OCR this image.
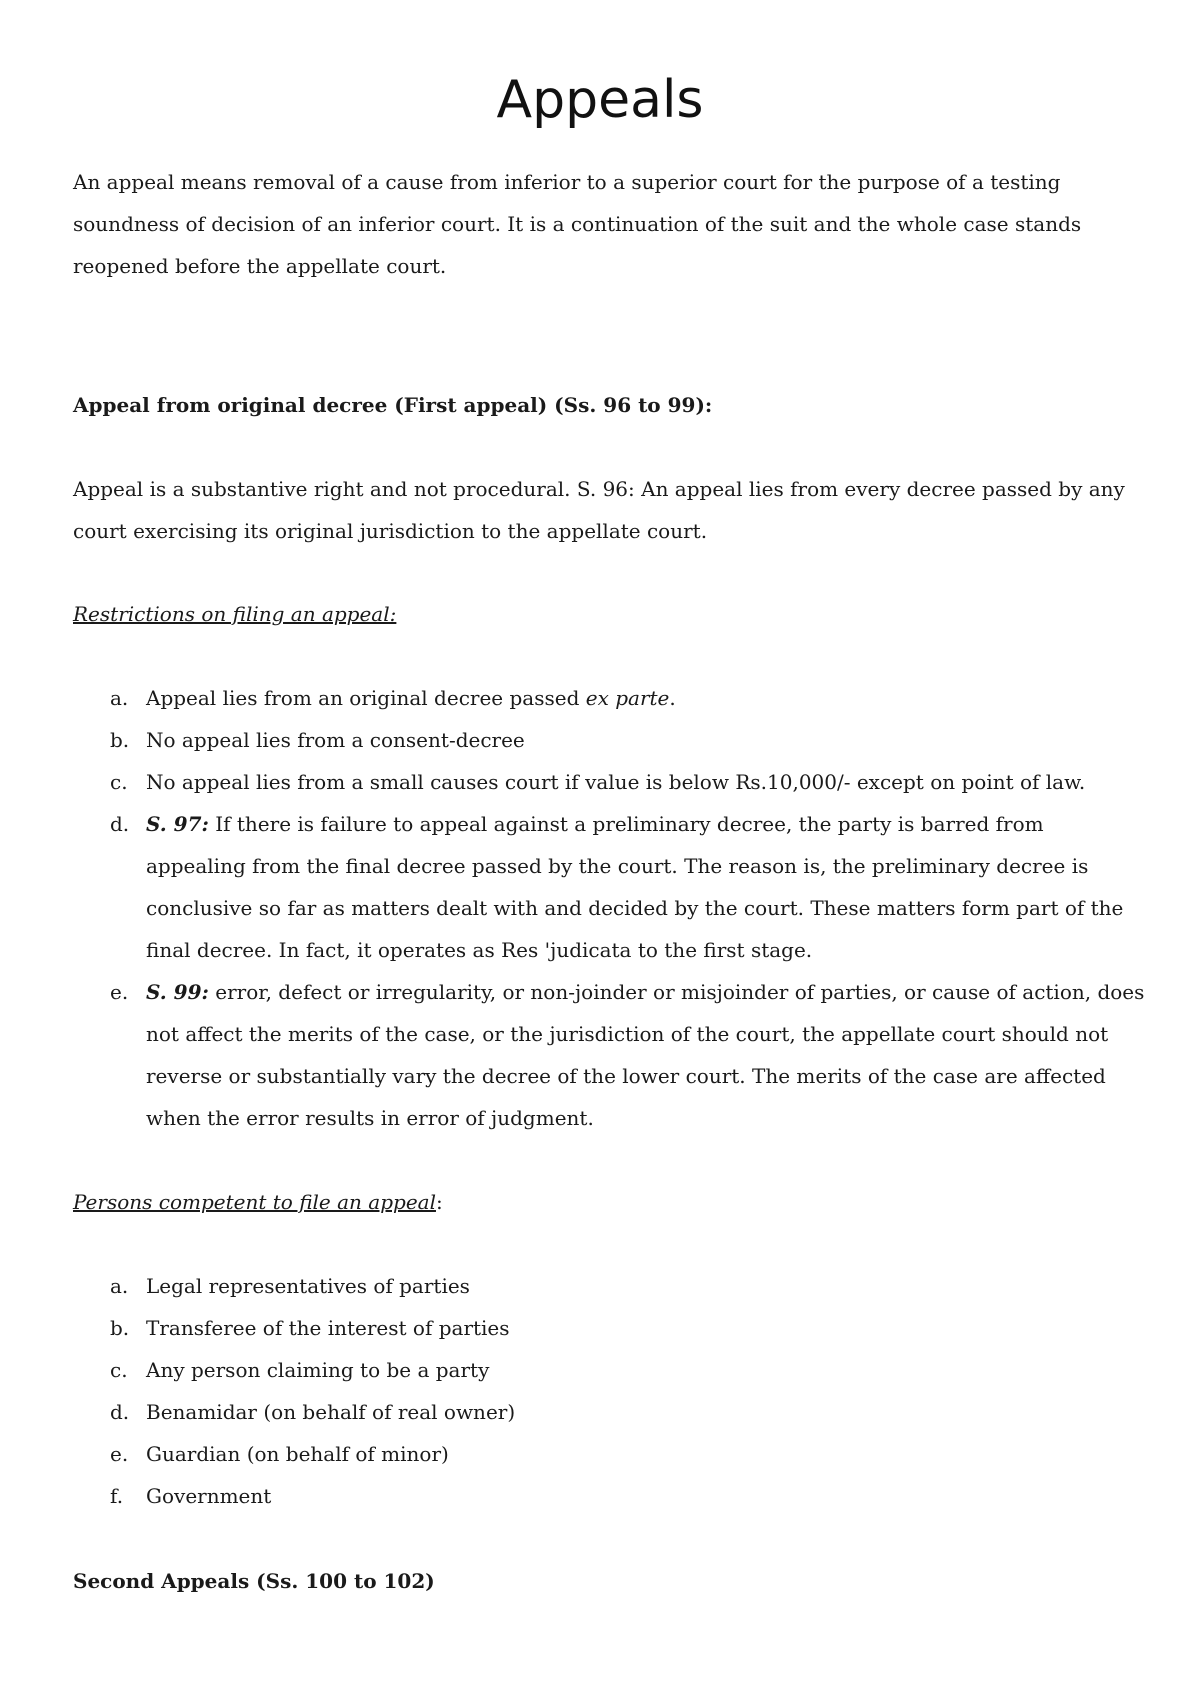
Appeals

An appeal means removal of a cause from inferior to a superior court for the purpose of a testing soundness of decision of an inferior court. It is a continuation of the suit and the whole case stands reopened before the appellate court.

Appeal from original decree (First appeal) (Ss. 96 to 99):

Appeal is a substantive right and not procedural. S. 96: An appeal lies from every decree passed by any court exercising its original jurisdiction to the appellate court.

Restrictions on filing an appeal:

a. Appeal lies from an original decree passed ex parte.
b. No appeal lies from a consent-decree
c. No appeal lies from a small causes court if value is below Rs.10,000/- except on point of law.
d. S. 97: If there is failure to appeal against a preliminary decree, the party is barred from appealing from the final decree passed by the court. The reason is, the preliminary decree is conclusive so far as matters dealt with and decided by the court. These matters form part of the final decree. In fact, it operates as Res 'judicata to the first stage.
e. S. 99: error, defect or irregularity, or non-joinder or misjoinder of parties, or cause of action, does not affect the merits of the case, or the jurisdiction of the court, the appellate court should not reverse or substantially vary the decree of the lower court. The merits of the case are affected when the error results in error of judgment.

Persons competent to file an appeal:

a. Legal representatives of parties
b. Transferee of the interest of parties
c. Any person claiming to be a party
d. Benamidar (on behalf of real owner)
e. Guardian (on behalf of minor)
f. Government

Second Appeals (Ss. 100 to 102)
